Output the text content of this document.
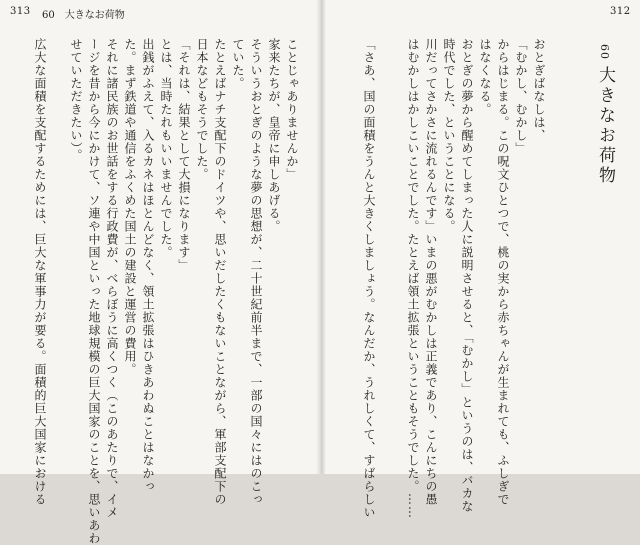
313 60　大きなお荷物
ことじゃありませんか」
家来たちが、皇帝に申しあげる。
そういうおとぎのような夢の思想が、二十世紀前半まで、一部の国々にはのこっ
ていた。
たとえばナチ支配下のドイツや、思いだしたくもないことながら、軍部支配下の
日本などもそうでした。
「それは、結果として大損になります」
とは、当時たれもいいませんでした。
出銭がふえて、入るカネはほとんどなく、領土拡張はひきあわぬことはなかっ
た。まず鉄道や通信をふくめた国土の建設と運営の費用。
それに諸民族のお世話をする行政費が、べらぼうに高くつく（このあたりで、イメ
ージを昔から今にかけて、ソ連や中国といった地球規模の巨大国家のことを、思いあわ
せていただきたい）。
広大な面積を支配するためには、巨大な軍事力が要る。面積的巨大国家における
312
60
大きなお荷物
おとぎばなしは、
「むかし、むかし」
からはじまる。この呪文ひとつで、桃の実から赤ちゃんが生まれても、ふしぎで
はなくなる。
おとぎの夢から醒めてしまった人に説明させると、「むかし」というのは、バカな
時代でした、ということになる。
川だってさかさに流れるんです」いまの悪がむかしは正義であり、こんにちの愚
はむかしはかしこいことでした。たとえば領土拡張ということもそうでした。……
「さあ、国の面積をうんと大きくしましょう。なんだか、うれしくて、すばらしい
